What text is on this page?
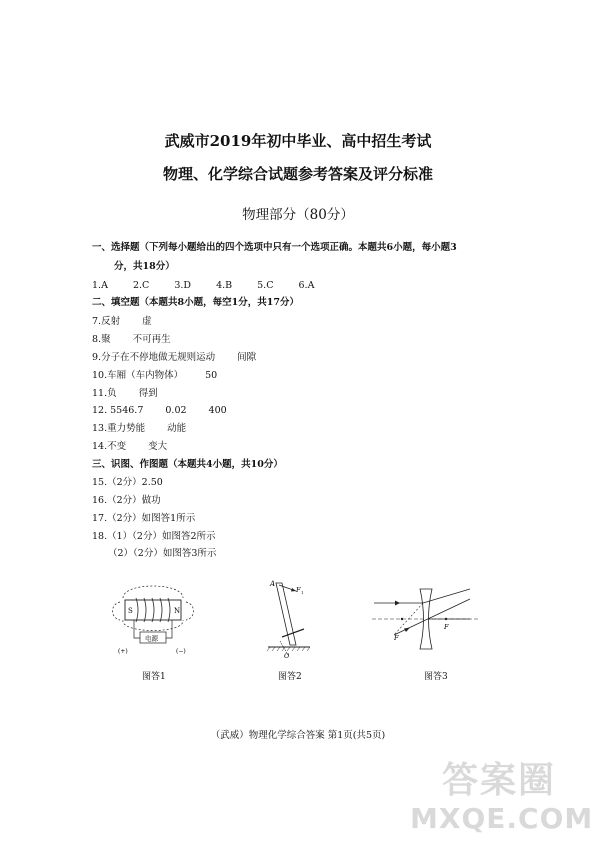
武威市2019年初中毕业、高中招生考试
物理、化学综合试题参考答案及评分标准
物理部分（80分）
一、选择题（下列每小题给出的四个选项中只有一个选项正确。本题共6小题，每小题3
分，共18分）
1.A	2.C	3.D	4.B	5.C	6.A
二、填空题（本题共8小题，每空1分，共17分）
7.反射 虚
8.聚 不可再生
9.分子在不停地做无规则运动 间隙
10.车厢（车内物体） 50
11.负 得到
12. 5546.7 0.02 400
13.重力势能 动能
14.不变 变大
三、识图、作图题（本题共4小题，共10分）
15.（2分）2.50
16.（2分）做功
17.（2分）如图答1所示
18.（1）（2分）如图答2所示
（2）（2分）如图答3所示
S	N
电源
(+)	(−)
图答1
A
F 1
O
图答2
F
F
图答3
（武威）物理化学综合答案 第1页(共5页)
答案圈
MXQE.COM
